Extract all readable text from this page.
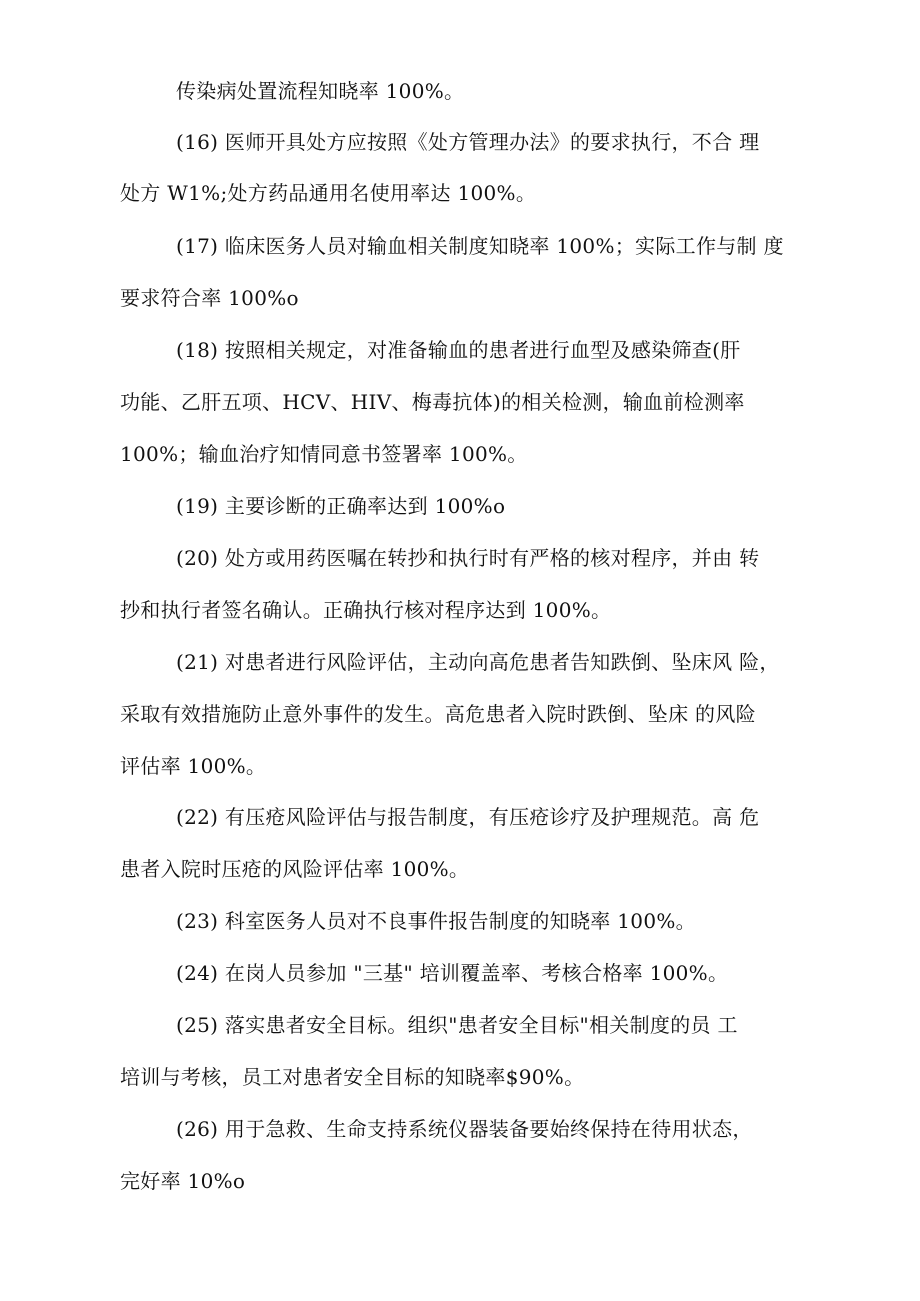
传染病处置流程知晓率 100%。
(16) 医师开具处方应按照《处方管理办法》的要求执行，不合 理
处方 W1%;处方药品通用名使用率达 100%。
(17) 临床医务人员对输血相关制度知晓率 100%；实际工作与制 度
要求符合率 100%o
(18) 按照相关规定，对准备输血的患者进行血型及感染筛查(肝
功能、乙肝五项、HCV、HIV、梅毒抗体)的相关检测，输血前检测率
100%；输血治疗知情同意书签署率 100%。
(19) 主要诊断的正确率达到 100%o
(20) 处方或用药医嘱在转抄和执行时有严格的核对程序，并由 转
抄和执行者签名确认。正确执行核对程序达到 100%。
(21) 对患者进行风险评估，主动向高危患者告知跌倒、坠床风 险，
采取有效措施防止意外事件的发生。高危患者入院时跌倒、坠床 的风险
评估率 100%。
(22) 有压疮风险评估与报告制度，有压疮诊疗及护理规范。高 危
患者入院时压疮的风险评估率 100%。
(23) 科室医务人员对不良事件报告制度的知晓率 100%。
(24) 在岗人员参加 "三基" 培训覆盖率、考核合格率 100%。
(25) 落实患者安全目标。组织"患者安全目标"相关制度的员 工
培训与考核，员工对患者安全目标的知晓率$90%。
(26) 用于急救、生命支持系统仪器装备要始终保持在待用状态，
完好率 10%o
